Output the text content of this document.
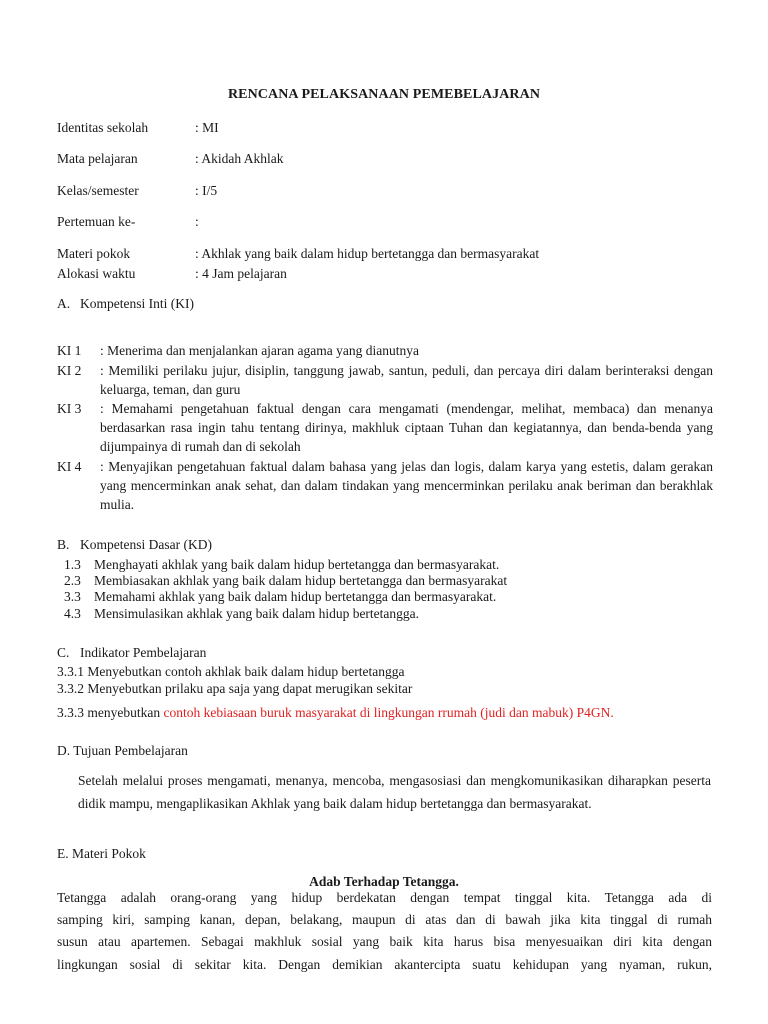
RENCANA PELAKSANAAN PEMEBELAJARAN
Identitas sekolah	: MI
Mata pelajaran	: Akidah Akhlak
Kelas/semester	: I/5
Pertemuan ke-	:
Materi pokok	: Akhlak yang baik dalam hidup bertetangga dan bermasyarakat
Alokasi waktu	: 4 Jam pelajaran
A. Kompetensi Inti (KI)
KI 1 : Menerima dan menjalankan ajaran agama yang dianutnya
KI 2 : Memiliki perilaku jujur, disiplin, tanggung jawab, santun, peduli, dan percaya diri dalam berinteraksi dengan keluarga, teman, dan guru
KI 3 : Memahami pengetahuan faktual dengan cara mengamati (mendengar, melihat, membaca) dan menanya berdasarkan rasa ingin tahu tentang dirinya, makhluk ciptaan Tuhan dan kegiatannya, dan benda-benda yang dijumpainya di rumah dan di sekolah
KI 4 : Menyajikan pengetahuan faktual dalam bahasa yang jelas dan logis, dalam karya yang estetis, dalam gerakan yang mencerminkan anak sehat, dan dalam tindakan yang mencerminkan perilaku anak beriman dan berakhlak mulia.
B. Kompetensi Dasar (KD)
1.3 Menghayati akhlak yang baik dalam hidup bertetangga dan bermasyarakat.
2.3 Membiasakan akhlak yang baik dalam hidup bertetangga dan bermasyarakat
3.3 Memahami akhlak yang baik dalam hidup bertetangga dan bermasyarakat.
4.3 Mensimulasikan akhlak yang baik dalam hidup bertetangga.
C. Indikator Pembelajaran
3.3.1 Menyebutkan contoh akhlak baik dalam hidup bertetangga
3.3.2 Menyebutkan prilaku apa saja yang dapat merugikan sekitar
3.3.3 menyebutkan contoh kebiasaan buruk masyarakat di lingkungan rrumah (judi dan mabuk) P4GN.
D. Tujuan Pembelajaran
Setelah melalui proses mengamati, menanya, mencoba, mengasosiasi dan mengkomunikasikan diharapkan peserta didik mampu, mengaplikasikan Akhlak yang baik dalam hidup bertetangga dan bermasyarakat.
E. Materi Pokok
Adab Terhadap Tetangga.
Tetangga adalah orang-orang yang hidup berdekatan dengan tempat tinggal kita. Tetangga ada di
samping kiri, samping kanan, depan, belakang, maupun di atas dan di bawah jika kita tinggal di rumah
susun atau apartemen. Sebagai makhluk sosial yang baik kita harus bisa menyesuaikan diri kita dengan
lingkungan sosial di sekitar kita. Dengan demikian akantercipta suatu kehidupan yang nyaman, rukun,
